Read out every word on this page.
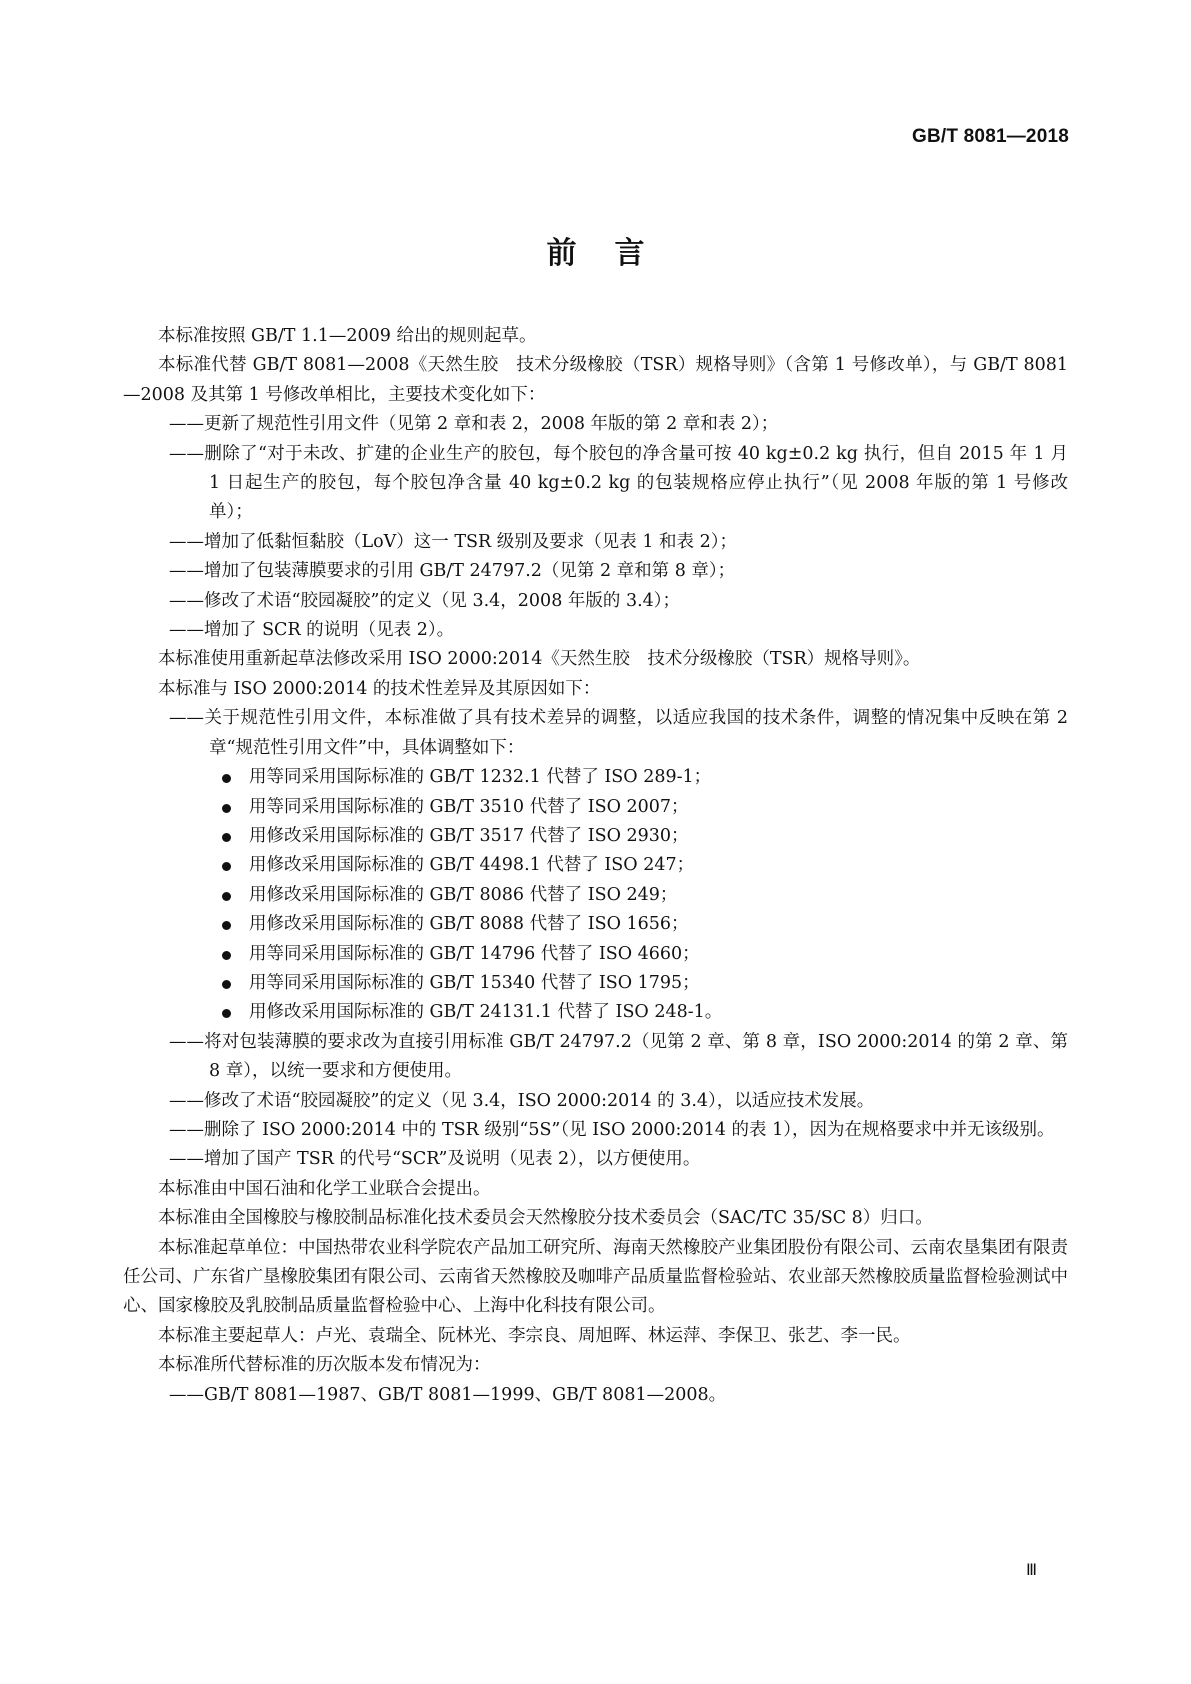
GB/T 8081—2018
前言

本标准按照 GB/T 1.1—2009 给出的规则起草。

本标准代替 GB/T 8081—2008《天然生胶　技术分级橡胶（TSR）规格导则》（含第 1 号修改单），与 GB/T 8081—2008 及其第 1 号修改单相比，主要技术变化如下：

——更新了规范性引用文件（见第 2 章和表 2，2008 年版的第 2 章和表 2）；

——删除了“对于未改、扩建的企业生产的胶包，每个胶包的净含量可按 40 kg±0.2 kg 执行，但自 2015 年 1 月 1 日起生产的胶包，每个胶包净含量 40 kg±0.2 kg 的包装规格应停止执行”（见 2008 年版的第 1 号修改单）；

——增加了低黏恒黏胶（LoV）这一 TSR 级别及要求（见表 1 和表 2）；

——增加了包装薄膜要求的引用 GB/T 24797.2（见第 2 章和第 8 章）；

——修改了术语“胶园凝胶”的定义（见 3.4，2008 年版的 3.4）；

——增加了 SCR 的说明（见表 2）。

本标准使用重新起草法修改采用 ISO 2000:2014《天然生胶　技术分级橡胶（TSR）规格导则》。

本标准与 ISO 2000:2014 的技术性差异及其原因如下：

——关于规范性引用文件，本标准做了具有技术差异的调整，以适应我国的技术条件，调整的情况集中反映在第 2 章“规范性引用文件”中，具体调整如下：

用等同采用国际标准的 GB/T 1232.1 代替了 ISO 289-1；

用等同采用国际标准的 GB/T 3510 代替了 ISO 2007；

用修改采用国际标准的 GB/T 3517 代替了 ISO 2930；

用修改采用国际标准的 GB/T 4498.1 代替了 ISO 247；

用修改采用国际标准的 GB/T 8086 代替了 ISO 249；

用修改采用国际标准的 GB/T 8088 代替了 ISO 1656；

用等同采用国际标准的 GB/T 14796 代替了 ISO 4660；

用等同采用国际标准的 GB/T 15340 代替了 ISO 1795；

用修改采用国际标准的 GB/T 24131.1 代替了 ISO 248-1。

——将对包装薄膜的要求改为直接引用标准 GB/T 24797.2（见第 2 章、第 8 章，ISO 2000:2014 的第 2 章、第 8 章），以统一要求和方便使用。

——修改了术语“胶园凝胶”的定义（见 3.4，ISO 2000:2014 的 3.4），以适应技术发展。

——删除了 ISO 2000:2014 中的 TSR 级别“5S”（见 ISO 2000:2014 的表 1），因为在规格要求中并无该级别。

——增加了国产 TSR 的代号“SCR”及说明（见表 2），以方便使用。

本标准由中国石油和化学工业联合会提出。

本标准由全国橡胶与橡胶制品标准化技术委员会天然橡胶分技术委员会（SAC/TC 35/SC 8）归口。

本标准起草单位：中国热带农业科学院农产品加工研究所、海南天然橡胶产业集团股份有限公司、云南农垦集团有限责任公司、广东省广垦橡胶集团有限公司、云南省天然橡胶及咖啡产品质量监督检验站、农业部天然橡胶质量监督检验测试中心、国家橡胶及乳胶制品质量监督检验中心、上海中化科技有限公司。

本标准主要起草人：卢光、袁瑞全、阮林光、李宗良、周旭晖、林运萍、李保卫、张艺、李一民。

本标准所代替标准的历次版本发布情况为：

——GB/T 8081—1987、GB/T 8081—1999、GB/T 8081—2008。

Ⅲ
